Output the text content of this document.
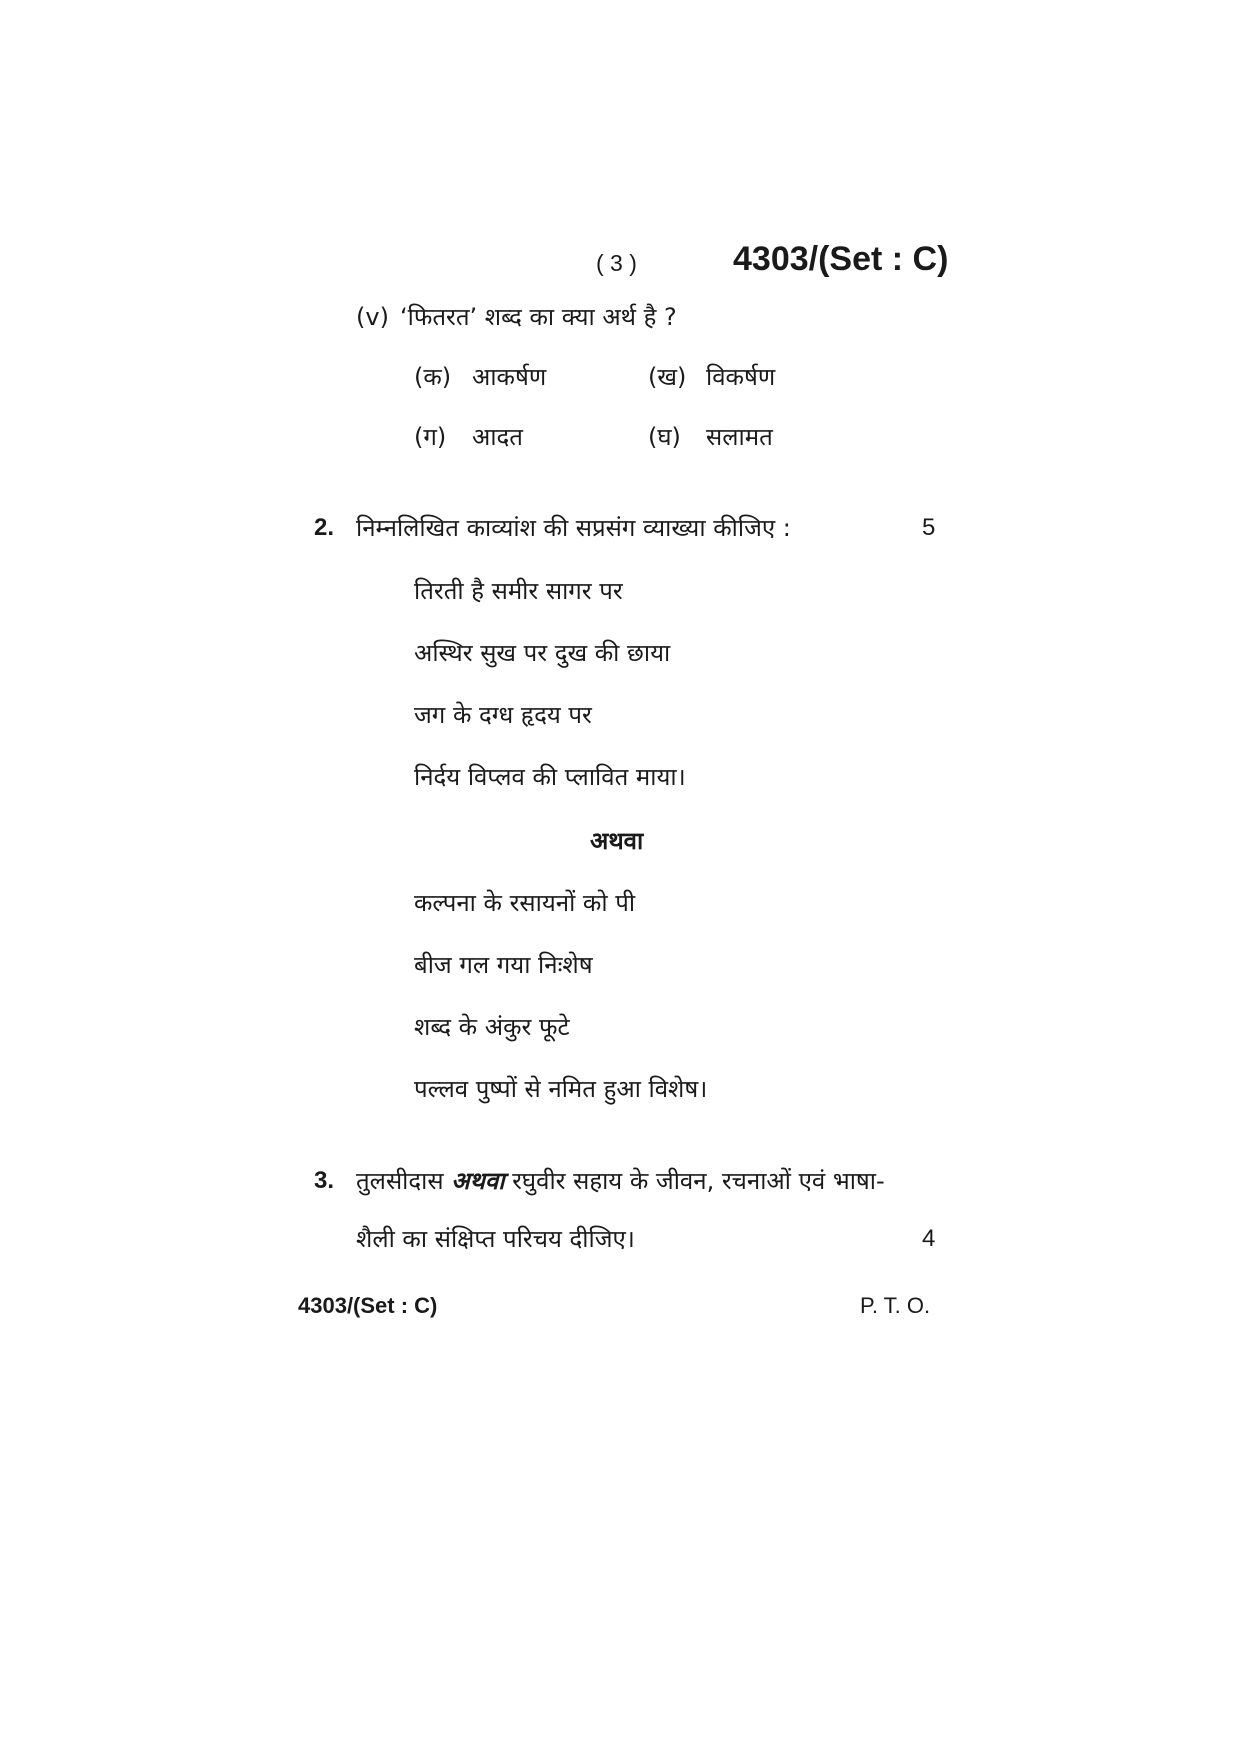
( 3 )	4303/(Set : C)
(v) ‘फितरत’ शब्द का क्या अर्थ है ?
(क) आकर्षण	(ख) विकर्षण
(ग) आदत	(घ) सलामत
2. निम्नलिखित काव्यांश की सप्रसंग व्याख्या कीजिए :	5
तिरती है समीर सागर पर
अस्थिर सुख पर दुख की छाया
जग के दग्ध हृदय पर
निर्दय विप्लव की प्लावित माया।
अथवा
कल्पना के रसायनों को पी
बीज गल गया निःशेष
शब्द के अंकुर फूटे
पल्लव पुष्पों से नमित हुआ विशेष।
3. तुलसीदास अथवा रघुवीर सहाय के जीवन, रचनाओं एवं भाषा-
शैली का संक्षिप्त परिचय दीजिए।	4
4303/(Set : C)	P. T. O.
